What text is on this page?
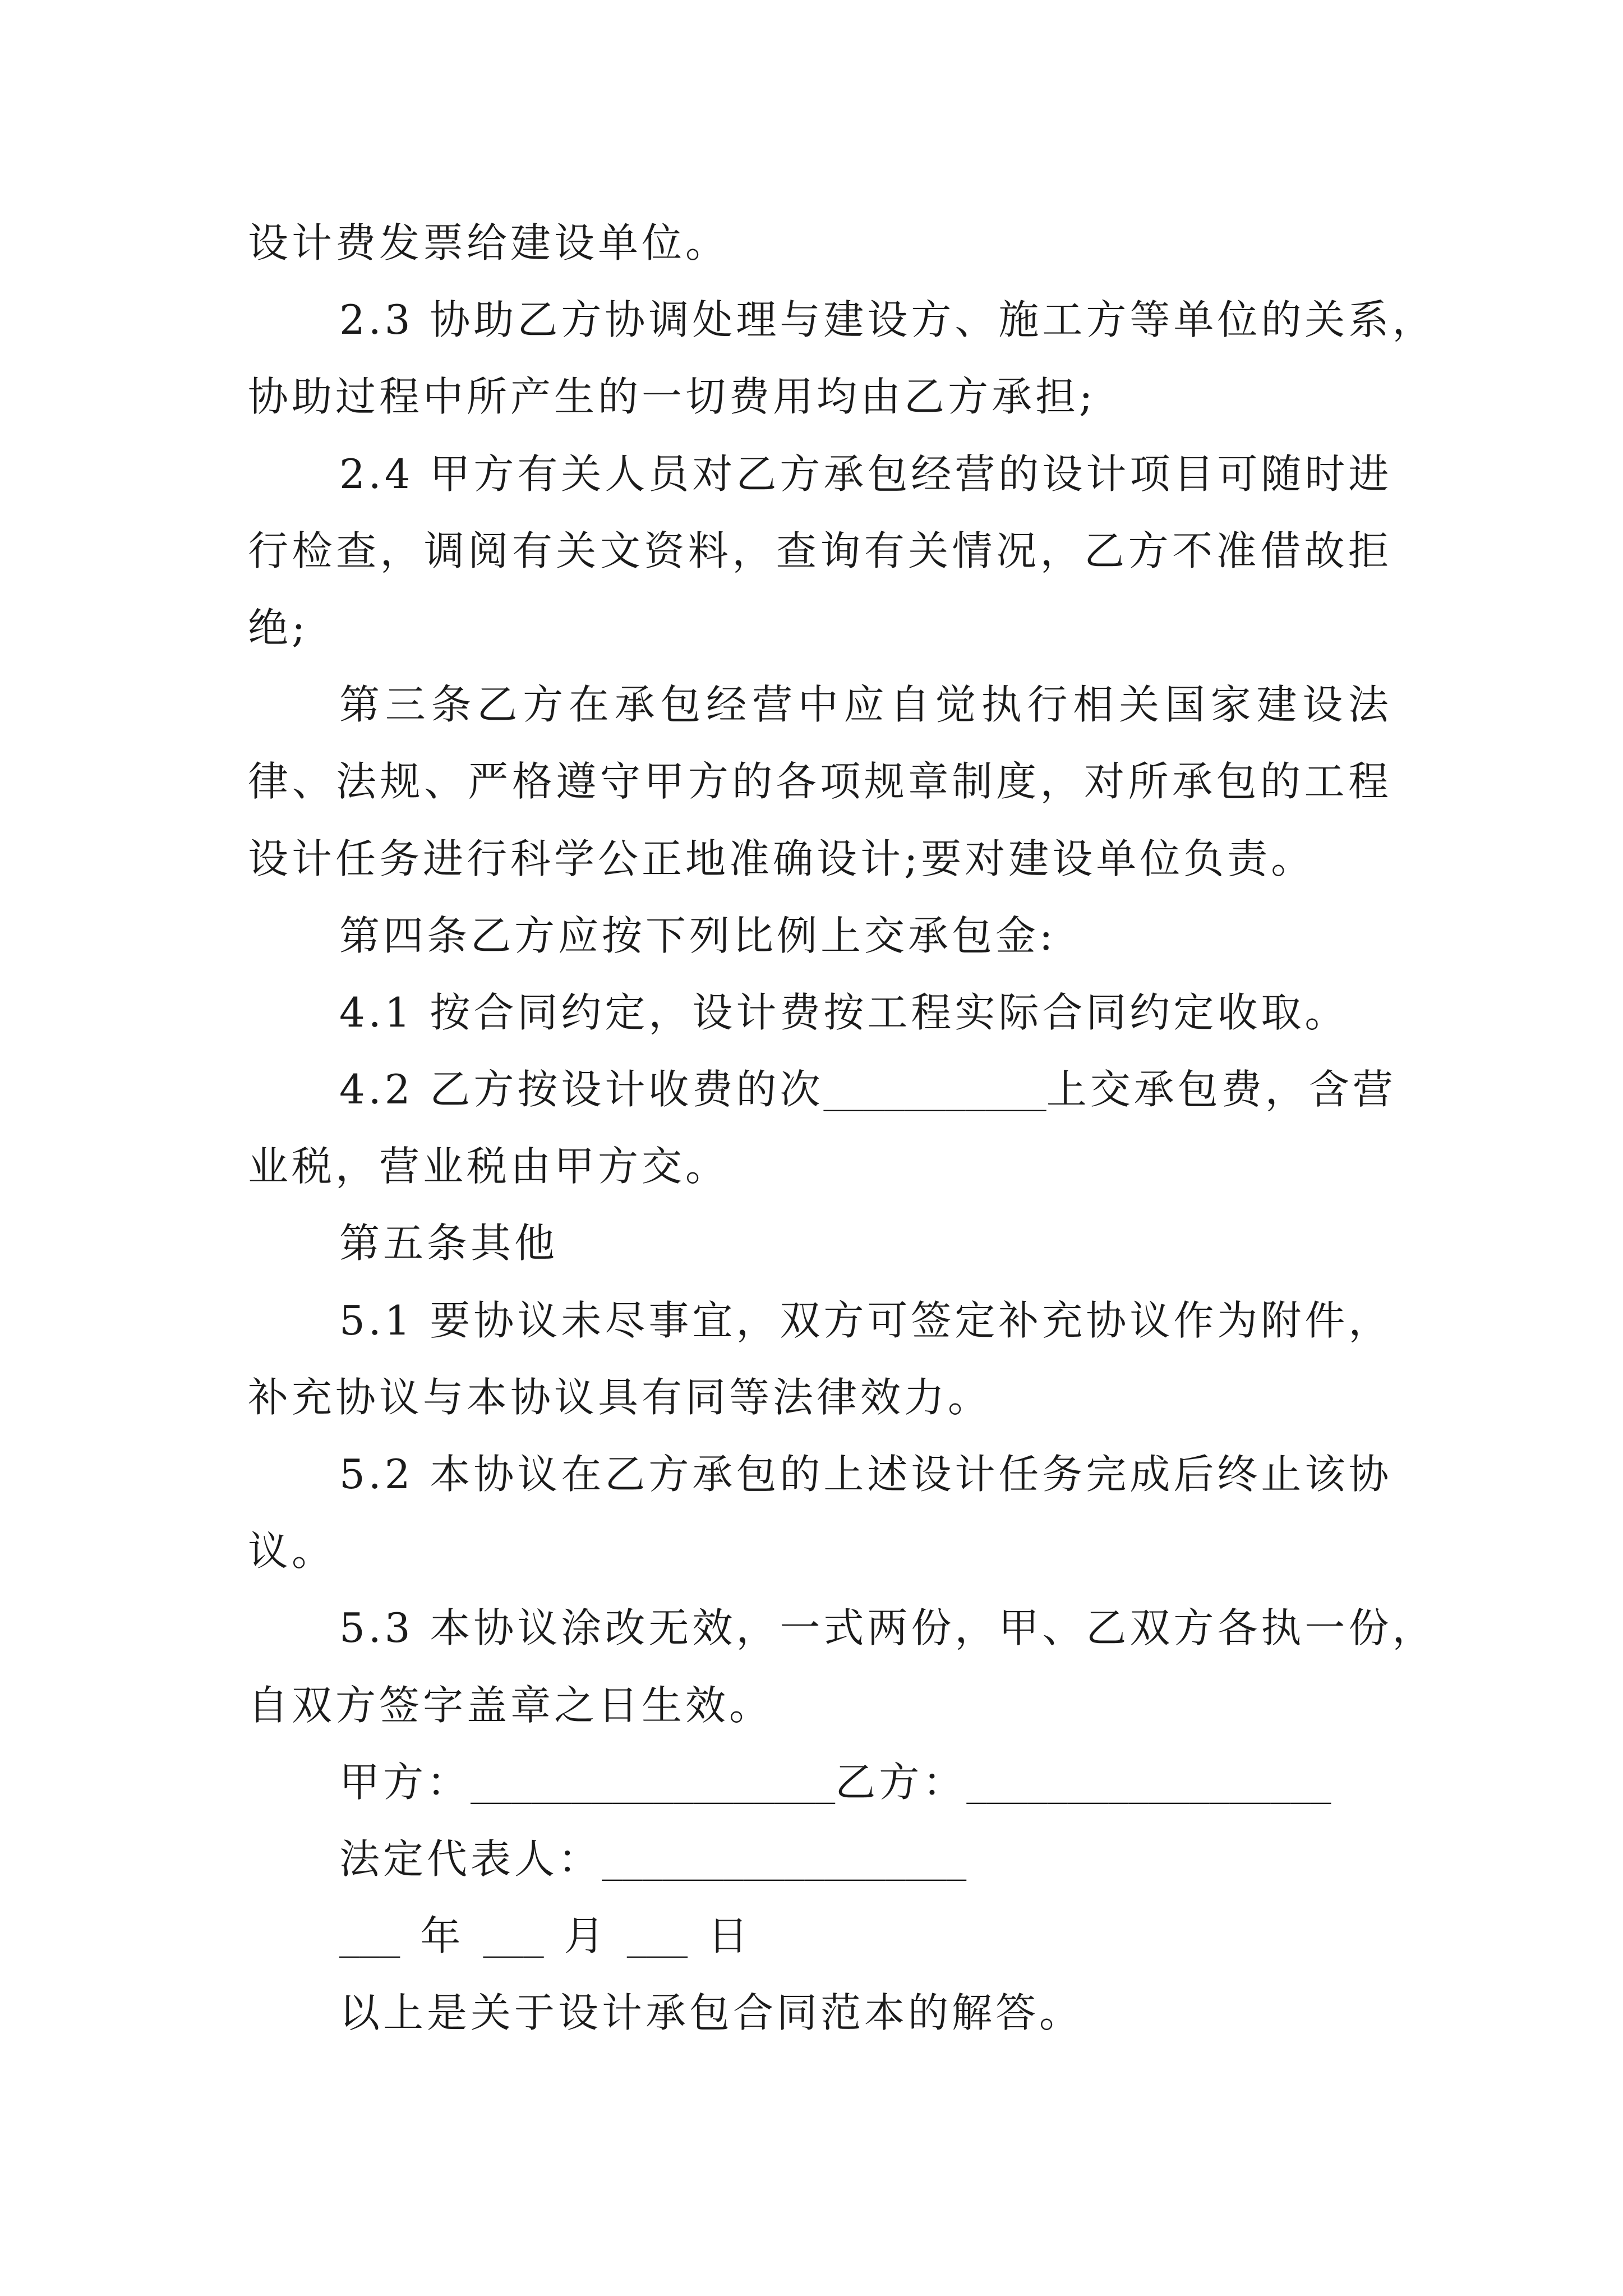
设计费发票给建设单位。
2.3 协助乙方协调处理与建设方、施工方等单位的关系，
协助过程中所产生的一切费用均由乙方承担;
2.4 甲方有关人员对乙方承包经营的设计项目可随时进
行检查，调阅有关文资料，查询有关情况，乙方不准借故拒
绝;
第三条乙方在承包经营中应自觉执行相关国家建设法
律、法规、严格遵守甲方的各项规章制度，对所承包的工程
设计任务进行科学公正地准确设计;要对建设单位负责。
第四条乙方应按下列比例上交承包金:
4.1 按合同约定，设计费按工程实际合同约定收取。
4.2 乙方按设计收费的次___________上交承包费，含营
业税，营业税由甲方交。
第五条其他
5.1 要协议未尽事宜，双方可签定补充协议作为附件，
补充协议与本协议具有同等法律效力。
5.2 本协议在乙方承包的上述设计任务完成后终止该协
议。
5.3 本协议涂改无效，一式两份，甲、乙双方各执一份，
自双方签字盖章之日生效。
甲方：__________________乙方：__________________
法定代表人：__________________
___ 年 ___ 月 ___ 日
以上是关于设计承包合同范本的解答。
